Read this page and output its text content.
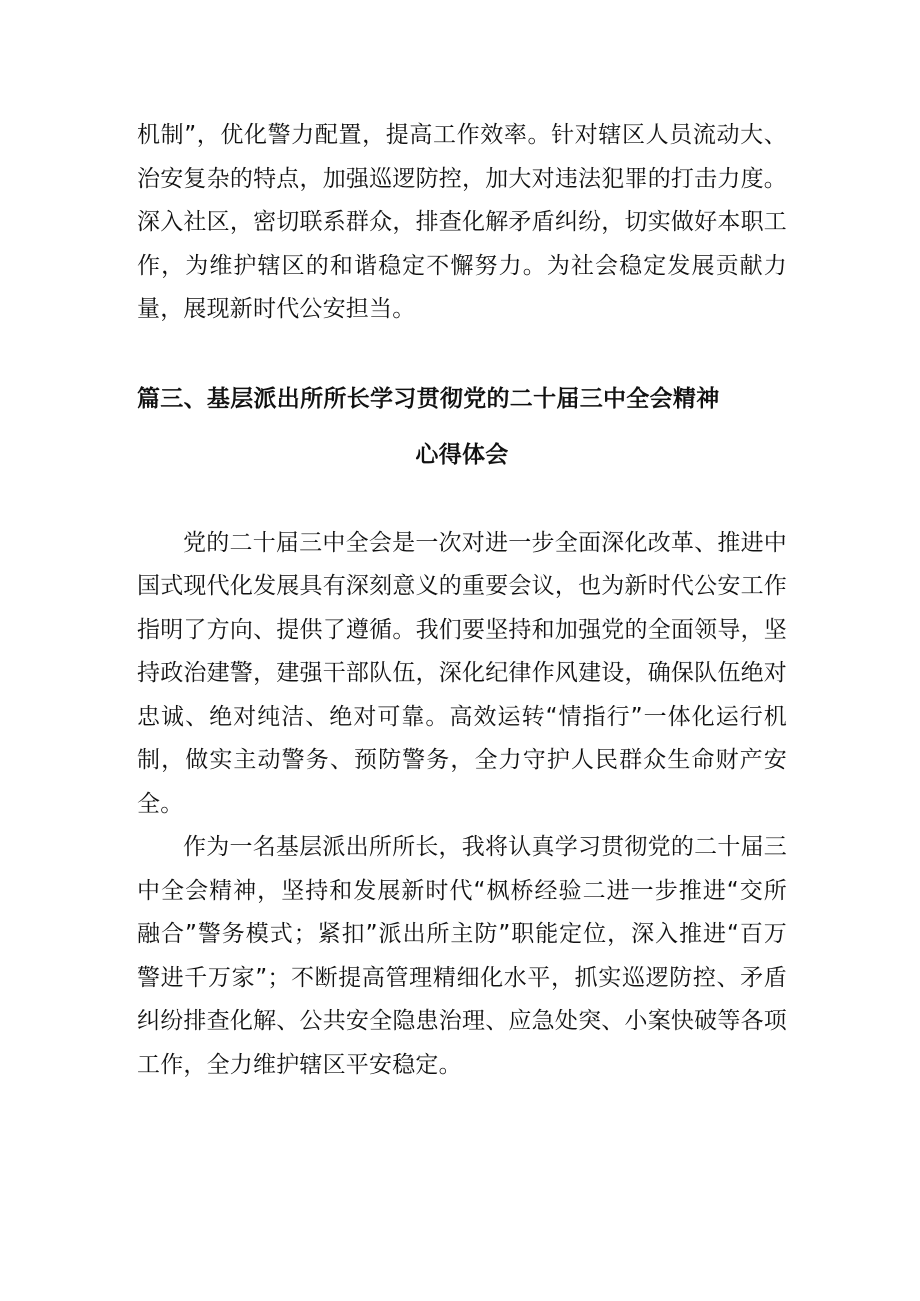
机制”，优化警力配置，提高工作效率。针对辖区人员流动大、治安复杂的特点，加强巡逻防控，加大对违法犯罪的打击力度。深入社区，密切联系群众，排查化解矛盾纠纷，切实做好本职工作，为维护辖区的和谐稳定不懈努力。为社会稳定发展贡献力量，展现新时代公安担当。

篇三、基层派出所所长学习贯彻党的二十届三中全会精神

心得体会

党的二十届三中全会是一次对进一步全面深化改革、推进中国式现代化发展具有深刻意义的重要会议，也为新时代公安工作指明了方向、提供了遵循。我们要坚持和加强党的全面领导，坚持政治建警，建强干部队伍，深化纪律作风建设，确保队伍绝对忠诚、绝对纯洁、绝对可靠。高效运转“情指行”一体化运行机制，做实主动警务、预防警务，全力守护人民群众生命财产安全。

作为一名基层派出所所长，我将认真学习贯彻党的二十届三中全会精神，坚持和发展新时代“枫桥经验二进一步推进“交所融合”警务模式；紧扣”派出所主防”职能定位，深入推进“百万警进千万家”；不断提高管理精细化水平，抓实巡逻防控、矛盾纠纷排查化解、公共安全隐患治理、应急处突、小案快破等各项工作，全力维护辖区平安稳定。
